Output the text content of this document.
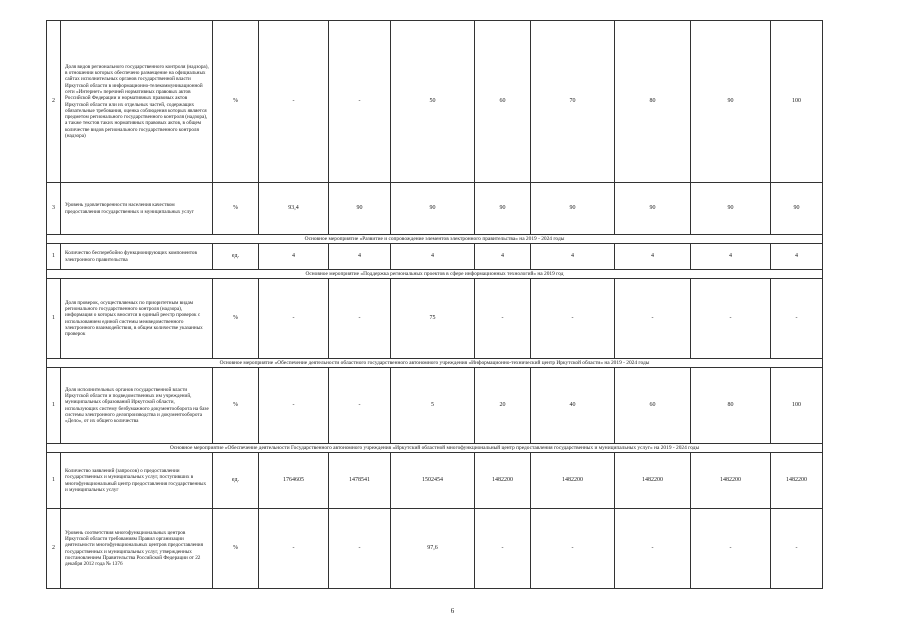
2	Доля видов регионального государственного контроля (надзора), в отношении которых обеспечено размещение на официальных сайтах исполнительных органов государственной власти Иркутской области в информационно-телекоммуникационной сети «Интернет» перечней нормативных правовых актов Российской Федерации и нормативных правовых актов Иркутской области или их отдельных частей, содержащих обязательные требования, оценка соблюдения которых является предметом регионального государственного контроля (надзора), а также текстов таких нормативных правовых актов, в общем количестве видов регионального государственного контроля (надзора)	%	-	-	50	60	70	80	90	100
3	Уровень удовлетворенности населения качеством предоставления государственных и муниципальных услуг	%	93,4	90	90	90	90	90	90	90
Основное мероприятие «Развитие и сопровождение элементов электронного правительства» на 2019 - 2024 годы										
1	Количество бесперебойно функционирующих компонентов электронного правительства	ед.	4	4	4	4	4	4	4	4
Основное мероприятие «Поддержка региональных проектов в сфере информационных технологий» на 2019 год										
1	Доля проверок, осуществляемых по приоритетным видам регионального государственного контроля (надзора), информация о которых вносится в единый реестр проверок с использованием единой системы межведомственного электронного взаимодействия, в общем количестве указанных проверок	%	-	-	75	-	-	-	-	-
Основное мероприятие «Обеспечение деятельности областного государственного автономного учреждения «Информационно-технический центр Иркутской области» на 2019 - 2024 годы										
1	Доля исполнительных органов государственной власти Иркутской области и подведомственных им учреждений, муниципальных образований Иркутской области, использующих систему безбумажного документооборота на базе системы электронного делопроизводства и документооборота «Дело», от их общего количества	%	-	-	5	20	40	60	80	100
Основное мероприятие «Обеспечение деятельности Государственного автономного учреждения «Иркутский областной многофункциональный центр предоставления государственных и муниципальных услуг» на 2019 - 2024 годы										
1	Количество заявлений (запросов) о предоставлении государственных и муниципальных услуг, поступивших в многофункциональный центр предоставления государственных и муниципальных услуг	ед.	1764605	1478541	1502454	1482200	1482200	1482200	1482200	1482200
2	Уровень соответствия многофункциональных центров Иркутской области требованиям Правил организации деятельности многофункциональных центров предоставления государственных и муниципальных услуг, утвержденных постановлением Правительства Российской Федерации от 22 декабря 2012 года № 1376	%	-	-	97,6	-	-	-	-	-
6
